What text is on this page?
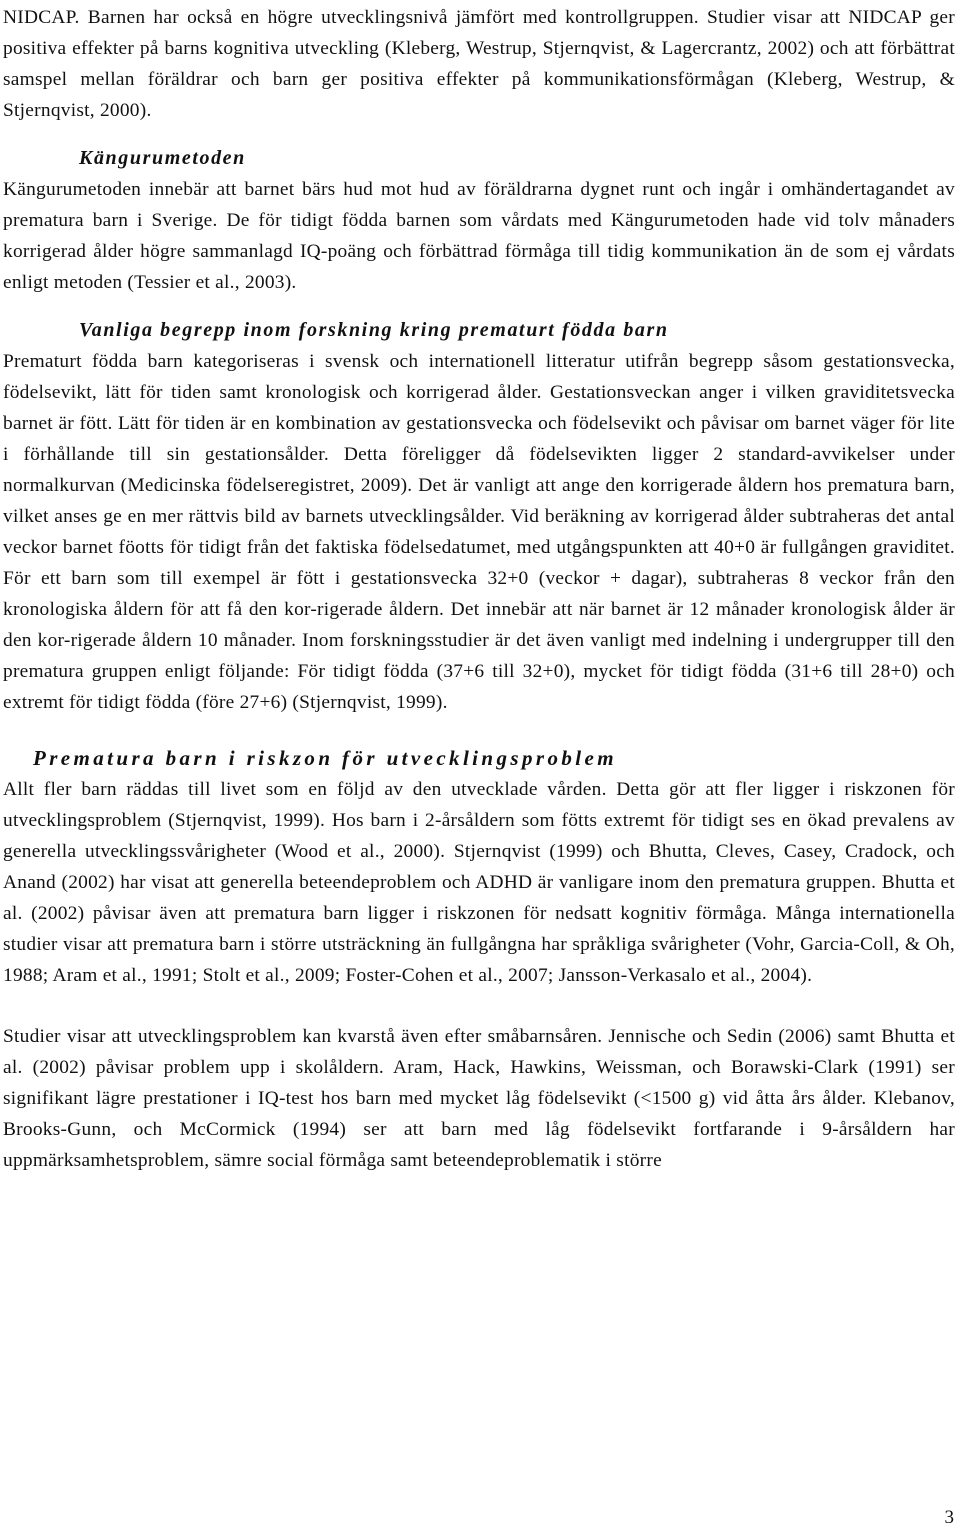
NIDCAP. Barnen har också en högre utvecklingsnivå jämfört med kontrollgruppen. Studier visar att NIDCAP ger positiva effekter på barns kognitiva utveckling (Kleberg, Westrup, Stjernqvist, & Lagercrantz, 2002) och att förbättrat samspel mellan föräldrar och barn ger positiva effekter på kommunikationsförmågan (Kleberg, Westrup, & Stjernqvist, 2000).

Kängurumetoden

Kängurumetoden innebär att barnet bärs hud mot hud av föräldrarna dygnet runt och ingår i omhändertagandet av prematura barn i Sverige. De för tidigt födda barnen som vårdats med Kängurumetoden hade vid tolv månaders korrigerad ålder högre sammanlagd IQ-poäng och förbättrad förmåga till tidig kommunikation än de som ej vårdats enligt metoden (Tessier et al., 2003).

Vanliga begrepp inom forskning kring prematurt födda barn

Prematurt födda barn kategoriseras i svensk och internationell litteratur utifrån begrepp såsom gestationsvecka, födelsevikt, lätt för tiden samt kronologisk och korrigerad ålder. Gestationsveckan anger i vilken graviditetsvecka barnet är fött. Lätt för tiden är en kombination av gestationsvecka och födelsevikt och påvisar om barnet väger för lite i förhållande till sin gestationsålder. Detta föreligger då födelsevikten ligger 2 standard-avvikelser under normalkurvan (Medicinska födelseregistret, 2009). Det är vanligt att ange den korrigerade åldern hos prematura barn, vilket anses ge en mer rättvis bild av barnets utvecklingsålder. Vid beräkning av korrigerad ålder subtraheras det antal veckor barnet föotts för tidigt från det faktiska födelsedatumet, med utgångspunkten att 40+0 är fullgången graviditet. För ett barn som till exempel är fött i gestationsvecka 32+0 (veckor + dagar), subtraheras 8 veckor från den kronologiska åldern för att få den kor-rigerade åldern. Det innebär att när barnet är 12 månader kronologisk ålder är den kor-rigerade åldern 10 månader. Inom forskningsstudier är det även vanligt med indelning i undergrupper till den prematura gruppen enligt följande: För tidigt födda (37+6 till 32+0), mycket för tidigt födda (31+6 till 28+0) och extremt för tidigt födda (före 27+6) (Stjernqvist, 1999).

Prematura barn i riskzon för utvecklingsproblem

Allt fler barn räddas till livet som en följd av den utvecklade vården. Detta gör att fler ligger i riskzonen för utvecklingsproblem (Stjernqvist, 1999). Hos barn i 2-årsåldern som fötts extremt för tidigt ses en ökad prevalens av generella utvecklingssvårigheter (Wood et al., 2000). Stjernqvist (1999) och Bhutta, Cleves, Casey, Cradock, och Anand (2002) har visat att generella beteendeproblem och ADHD är vanligare inom den prematura gruppen. Bhutta et al. (2002) påvisar även att prematura barn ligger i riskzonen för nedsatt kognitiv förmåga. Många internationella studier visar att prematura barn i större utsträckning än fullgångna har språkliga svårigheter (Vohr, Garcia-Coll, & Oh, 1988; Aram et al., 1991; Stolt et al., 2009; Foster-Cohen et al., 2007; Jansson-Verkasalo et al., 2004).

Studier visar att utvecklingsproblem kan kvarstå även efter småbarnsåren. Jennische och Sedin (2006) samt Bhutta et al. (2002) påvisar problem upp i skolåldern. Aram, Hack, Hawkins, Weissman, och Borawski-Clark (1991) ser signifikant lägre prestationer i IQ-test hos barn med mycket låg födelsevikt (<1500 g) vid åtta års ålder. Klebanov, Brooks-Gunn, och McCormick (1994) ser att barn med låg födelsevikt fortfarande i 9-årsåldern har uppmärksamhetsproblem, sämre social förmåga samt beteendeproblematik i större

3
